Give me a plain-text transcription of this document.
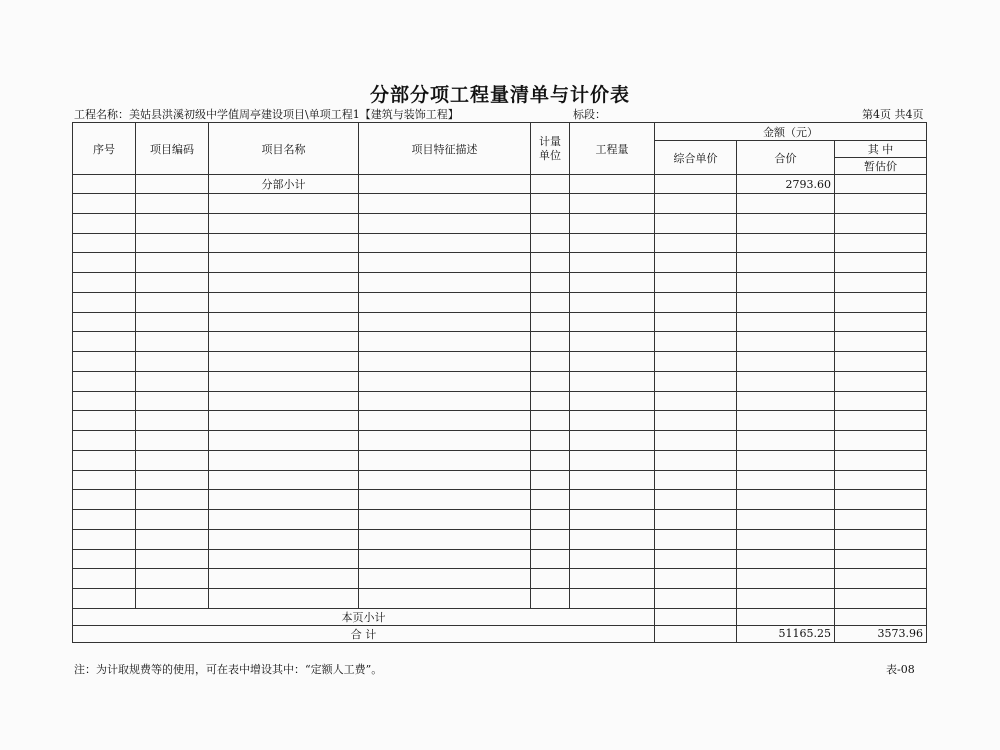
分部分项工程量清单与计价表
工程名称：美姑县洪溪初级中学值周亭建设项目\单项工程1【建筑与装饰工程】	标段：	第4页 共4页
序号	项目编码	项目名称	项目特征描述	计量单位	工程量	金额（元）		
						综合单价	合价	其 中
								暂估价
		分部小计					2793.60	

本页小计								
合 计							51165.25	3573.96
注：为计取规费等的使用，可在表中增设其中：“定额人工费”。	表-08
